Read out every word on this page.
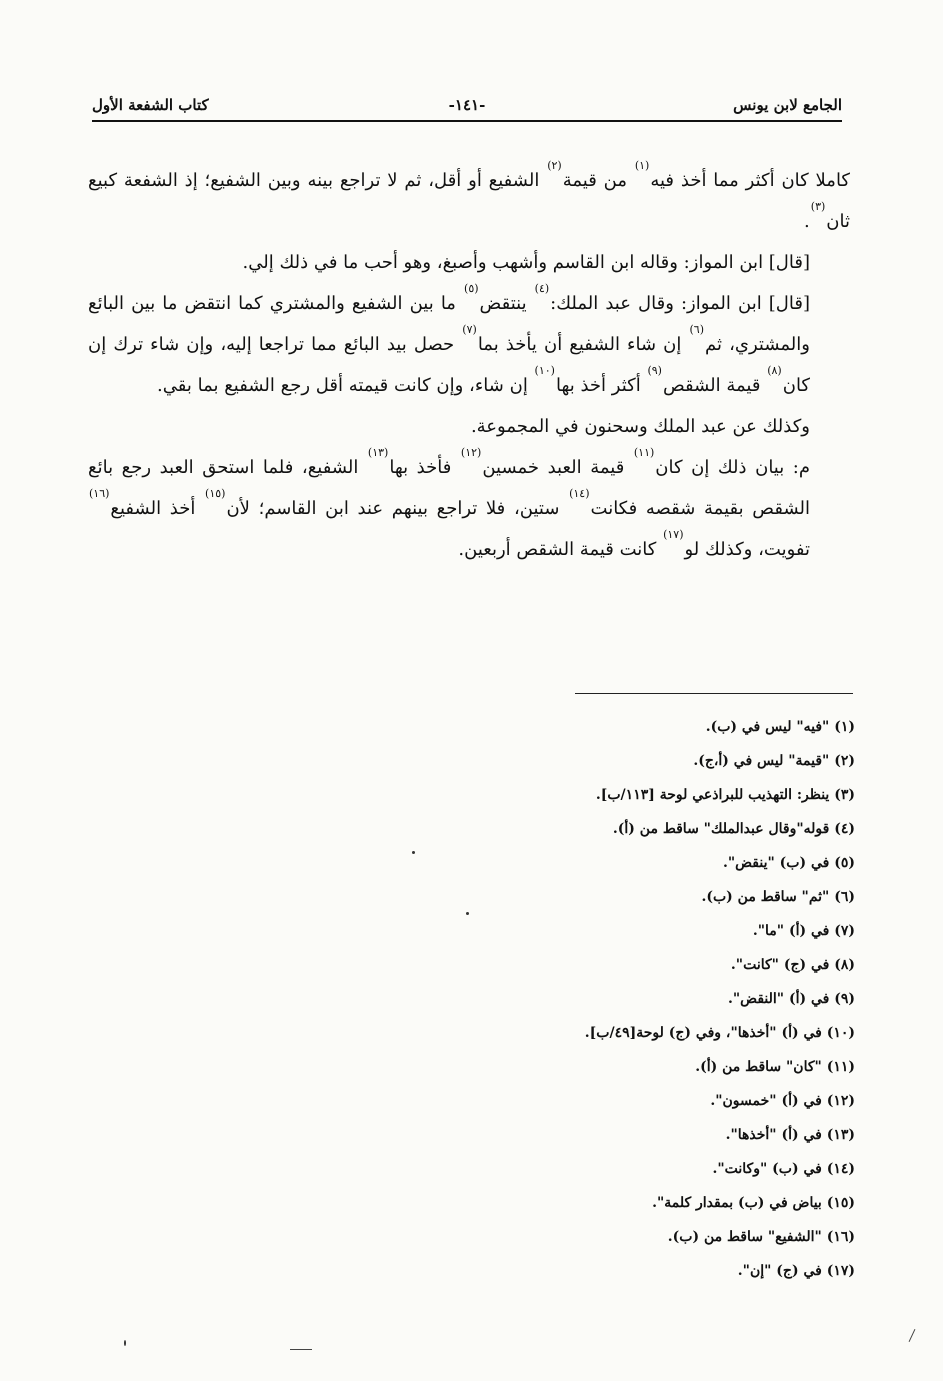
الجامع لابن يونس
-١٤١-
كتاب الشفعة الأول

كاملا كان أكثر مما أخذ فيه$^{(١)}$ من قيمة$^{(٢)}$ الشفيع أو أقل، ثم لا تراجع بينه وبين الشفيع؛ إذ الشفعة كبيع ثان$^{(٣)}$.

[قال] ابن المواز: وقاله ابن القاسم وأشهب وأصبغ، وهو أحب ما في ذلك إلي.

[قال] ابن المواز: وقال عبد الملك:$^{(٤)}$ ينتقض$^{(٥)}$ ما بين الشفيع والمشتري كما انتقض ما بين البائع والمشتري، ثم$^{(٦)}$ إن شاء الشفيع أن يأخذ بما$^{(٧)}$ حصل بيد البائع مما تراجعا إليه، وإن شاء ترك إن كان$^{(٨)}$ قيمة الشقص$^{(٩)}$ أكثر أخذ بها$^{(١٠)}$ إن شاء، وإن كانت قيمته أقل رجع الشفيع بما بقي.

وكذلك عن عبد الملك وسحنون في المجموعة.

م: بيان ذلك إن كان$^{(١١)}$ قيمة العبد خمسين$^{(١٢)}$ فأخذ بها$^{(١٣)}$ الشفيع، فلما استحق العبد رجع بائع الشقص بقيمة شقصه فكانت$^{(١٤)}$ ستين، فلا تراجع بينهم عند ابن القاسم؛ لأن$^{(١٥)}$ أخذ الشفيع$^{(١٦)}$ تفويت، وكذلك لو$^{(١٧)}$ كانت قيمة الشقص أربعين.

(١) "فيه" ليس في (ب).
(٢) "قيمة" ليس في (أ،ج).
(٣) ينظر: التهذيب للبراذعي لوحة [١١٣/ب].
(٤) قوله"وقال عبدالملك" ساقط من (أ).
(٥) في (ب) "ينقض".
(٦) "ثم" ساقط من (ب).
(٧) في (أ) "ما".
(٨) في (ج) "كانت".
(٩) في (أ) "النقض".
(١٠) في (أ) "أخذها"، وفي (ج) لوحة[٤٩/ب].
(١١) "كان" ساقط من (أ).
(١٢) في (أ) "خمسون".
(١٣) في (أ) "أخذها".
(١٤) في (ب) "وكانت".
(١٥) بياض في (ب) بمقدار كلمة".
(١٦) "الشفيع" ساقط من (ب).
(١٧) في (ج) "إن".
